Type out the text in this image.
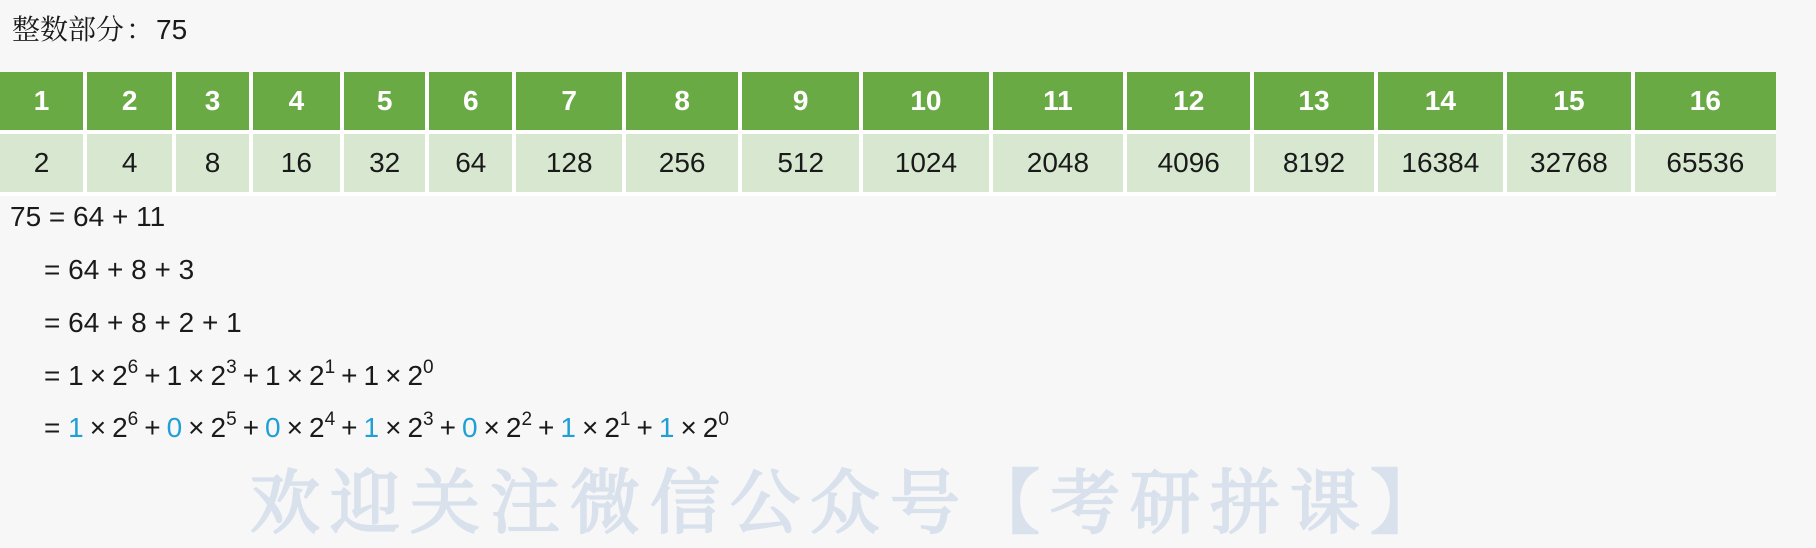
整数部分：75
1	2	3	4	5	6	7	8	9	10	11	12	13	14	15	16
2	4	8	16	32	64	128	256	512	1024	2048	4096	8192	16384	32768	65536
75 = 64 + 11
= 64 + 8 + 3
= 64 + 8 + 2 + 1
= $1 \times 2^6 + 1 \times 2^3 + 1 \times 2^1 + 1 \times 2^0$
= $1 \times 2^6 + 0 \times 2^5 + 0 \times 2^4 + 1 \times 2^3 + 0 \times 2^2 + 1 \times 2^1 + 1 \times 2^0$
欢迎关注微信公众号【考研拼课】
